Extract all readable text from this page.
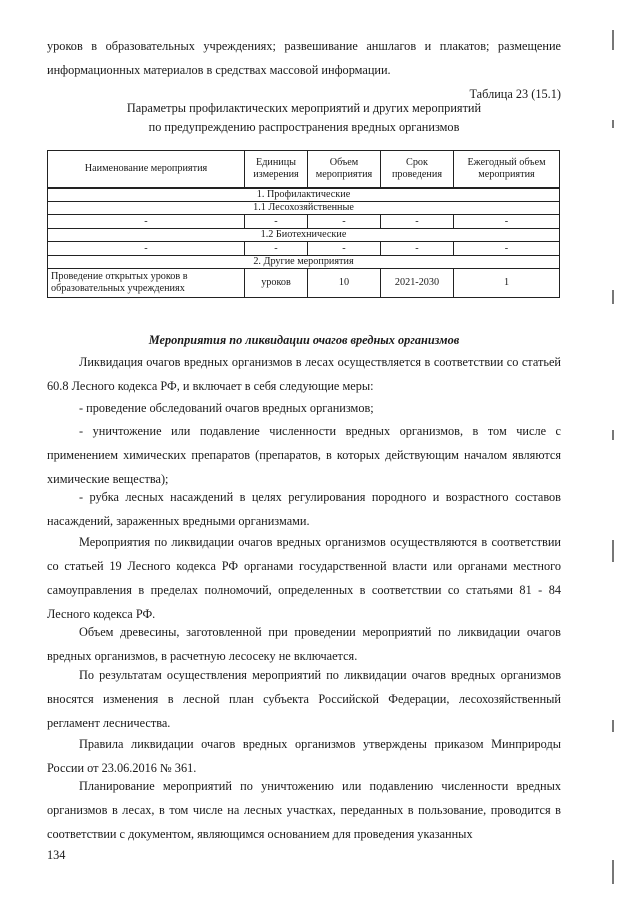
уроков в образовательных учреждениях; развешивание аншлагов и плакатов; размещение информационных материалов в средствах массовой информации.

Таблица 23 (15.1)

Параметры профилактических мероприятий и других мероприятий

по предупреждению распространения вредных организмов

Наименование мероприятия	Единицы измерения	Объем мероприятия	Срок проведения	Ежегодный объем мероприятия
1. Профилактические				
1.1 Лесохозяйственные				
-	-	-	-	-
1.2 Биотехнические				
-	-	-	-	-
2. Другие мероприятия				
Проведение открытых уроков в образовательных учреждениях	уроков	10	2021-2030	1

Мероприятия по ликвидации очагов вредных организмов

Ликвидация очагов вредных организмов в лесах осуществляется в соответствии со статьей 60.8 Лесного кодекса РФ, и включает в себя следующие меры:

- проведение обследований очагов вредных организмов;

- уничтожение или подавление численности вредных организмов, в том числе с применением химических препаратов (препаратов, в которых действующим началом являются химические вещества);

- рубка лесных насаждений в целях регулирования породного и возрастного составов насаждений, зараженных вредными организмами.

Мероприятия по ликвидации очагов вредных организмов осуществляются в соответствии со статьей 19 Лесного кодекса РФ органами государственной власти или органами местного самоуправления в пределах полномочий, определенных в соответствии со статьями 81 - 84 Лесного кодекса РФ.

Объем древесины, заготовленной при проведении мероприятий по ликвидации очагов вредных организмов, в расчетную лесосеку не включается.

По результатам осуществления мероприятий по ликвидации очагов вредных организмов вносятся изменения в лесной план субъекта Российской Федерации, лесохозяйственный регламент лесничества.

Правила ликвидации очагов вредных организмов утверждены приказом Минприроды России от 23.06.2016 № 361.

Планирование мероприятий по уничтожению или подавлению численности вредных организмов в лесах, в том числе на лесных участках, переданных в пользование, проводится в соответствии с документом, являющимся основанием для проведения указанных

134
